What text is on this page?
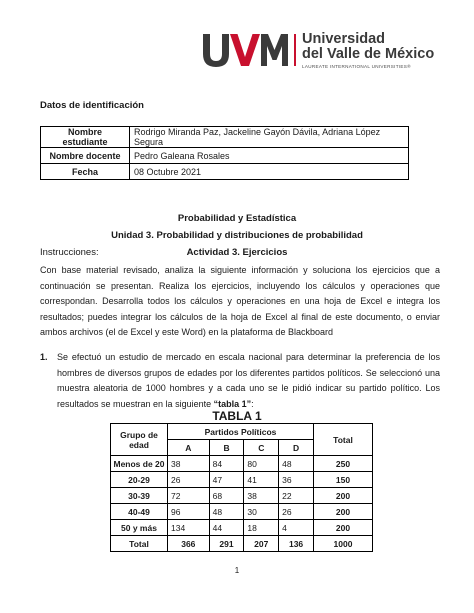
Universidad
del Valle de México
LAUREATE INTERNATIONAL UNIVERSITIES®
Datos de identificación
Nombre estudiante	Rodrigo Miranda Paz, Jackeline Gayón Dávila, Adriana López Segura
Nombre docente	Pedro Galeana Rosales
Fecha	08 Octubre 2021
Probabilidad y Estadística
Unidad 3. Probabilidad y distribuciones de probabilidad
Actividad 3. Ejercicios
Instrucciones:
Con base material revisado, analiza la siguiente información y soluciona los ejercicios que a continuación se presentan. Realiza los ejercicios, incluyendo los cálculos y operaciones que correspondan. Desarrolla todos los cálculos y operaciones en una hoja de Excel e integra los resultados; puedes integrar los cálculos de la hoja de Excel al final de este documento, o enviar ambos archivos (el de Excel y este Word) en la plataforma de Blackboard
1. Se efectuó un estudio de mercado en escala nacional para determinar la preferencia de los hombres de diversos grupos de edades por los diferentes partidos políticos. Se seleccionó una muestra aleatoria de 1000 hombres y a cada uno se le pidió indicar su partido político. Los resultados se muestran en la siguiente “tabla 1”:
TABLA 1
Grupo de edad	Partidos Políticos				Total
	A	B	C	D	
Menos de 20	38	84	80	48	250
20-29	26	47	41	36	150
30-39	72	68	38	22	200
40-49	96	48	30	26	200
50 y más	134	44	18	4	200
Total	366	291	207	136	1000
1
